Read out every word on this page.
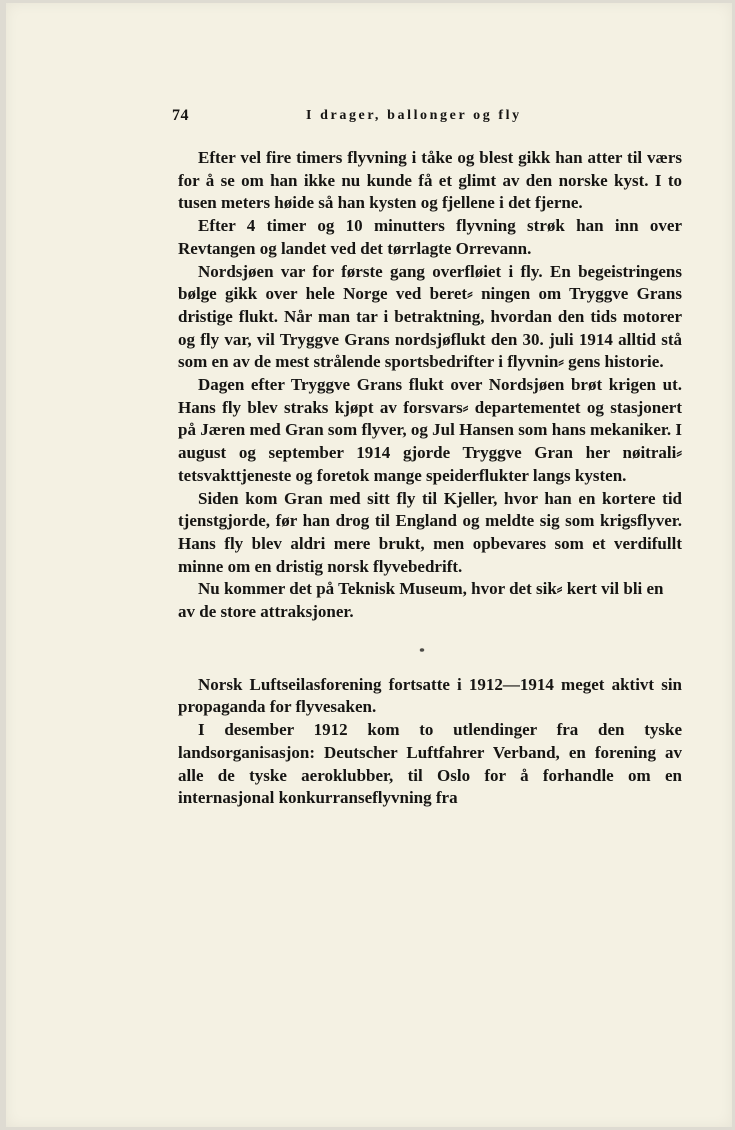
74	I drager, ballonger og fly

Efter vel fire timers flyvning i tåke og blest gikk han atter til værs for å se om han ikke nu kunde få et glimt av den norske kyst. I to tusen meters høide så han kysten og fjellene i det fjerne.

Efter 4 timer og 10 minutters flyvning strøk han inn over Revtangen og landet ved det tørrlagte Orrevann.

Nordsjøen var for første gang overfløiet i fly. En begeistringens bølge gikk over hele Norge ved beret⸗ ningen om Tryggve Grans dristige flukt. Når man tar i betraktning, hvordan den tids motorer og fly var, vil Tryggve Grans nordsjøflukt den 30. juli 1914 alltid stå som en av de mest strålende sportsbedrifter i flyvnin⸗ gens historie.

Dagen efter Tryggve Grans flukt over Nordsjøen brøt krigen ut. Hans fly blev straks kjøpt av forsvars⸗ departementet og stasjonert på Jæren med Gran som flyver, og Jul Hansen som hans mekaniker. I august og september 1914 gjorde Tryggve Gran her nøitrali⸗ tetsvakttjeneste og foretok mange speiderflukter langs kysten.

Siden kom Gran med sitt fly til Kjeller, hvor han en kortere tid tjenstgjorde, før han drog til England og meldte sig som krigsflyver. Hans fly blev aldri mere brukt, men opbevares som et verdifullt minne om en dristig norsk flyvebedrift.

Nu kommer det på Teknisk Museum, hvor det sik⸗ kert vil bli en av de store attraksjoner.

*

Norsk Luftseilasforening fortsatte i 1912—1914 meget aktivt sin propaganda for flyvesaken.

I desember 1912 kom to utlendinger fra den tyske landsorganisasjon: Deutscher Luftfahrer Verband, en forening av alle de tyske aeroklubber, til Oslo for å forhandle om en internasjonal konkurranseflyvning fra
